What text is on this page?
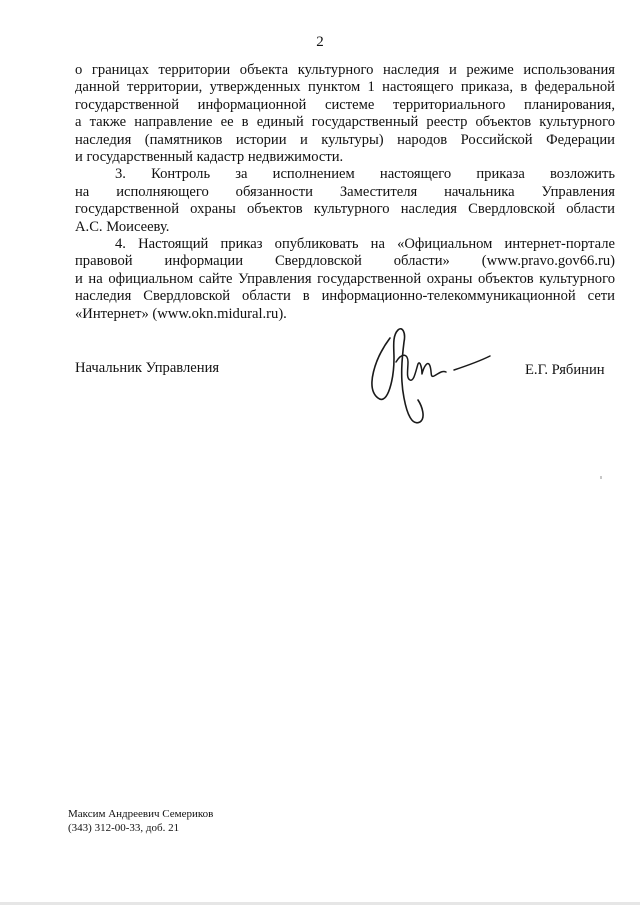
2

о границах территории объекта культурного наследия и режиме использования
данной территории, утвержденных пунктом 1 настоящего приказа, в федеральной
государственной информационной системе территориального планирования,
а также направление ее в единый государственный реестр объектов культурного
наследия (памятников истории и культуры) народов Российской Федерации
и государственный кадастр недвижимости.

3. Контроль за исполнением настоящего приказа возложить
на исполняющего обязанности Заместителя начальника Управления
государственной охраны объектов культурного наследия Свердловской области
А.С. Моисееву.

4. Настоящий приказ опубликовать на «Официальном интернет-портале
правовой информации Свердловской области» (www.pravo.gov66.ru)
и на официальном сайте Управления государственной охраны объектов культурного
наследия Свердловской области в информационно-телекоммуникационной сети
«Интернет» (www.okn.midural.ru).

Начальник Управления	Е.Г. Рябинин
Максим Андреевич Семериков
(343) 312-00-33, доб. 21
